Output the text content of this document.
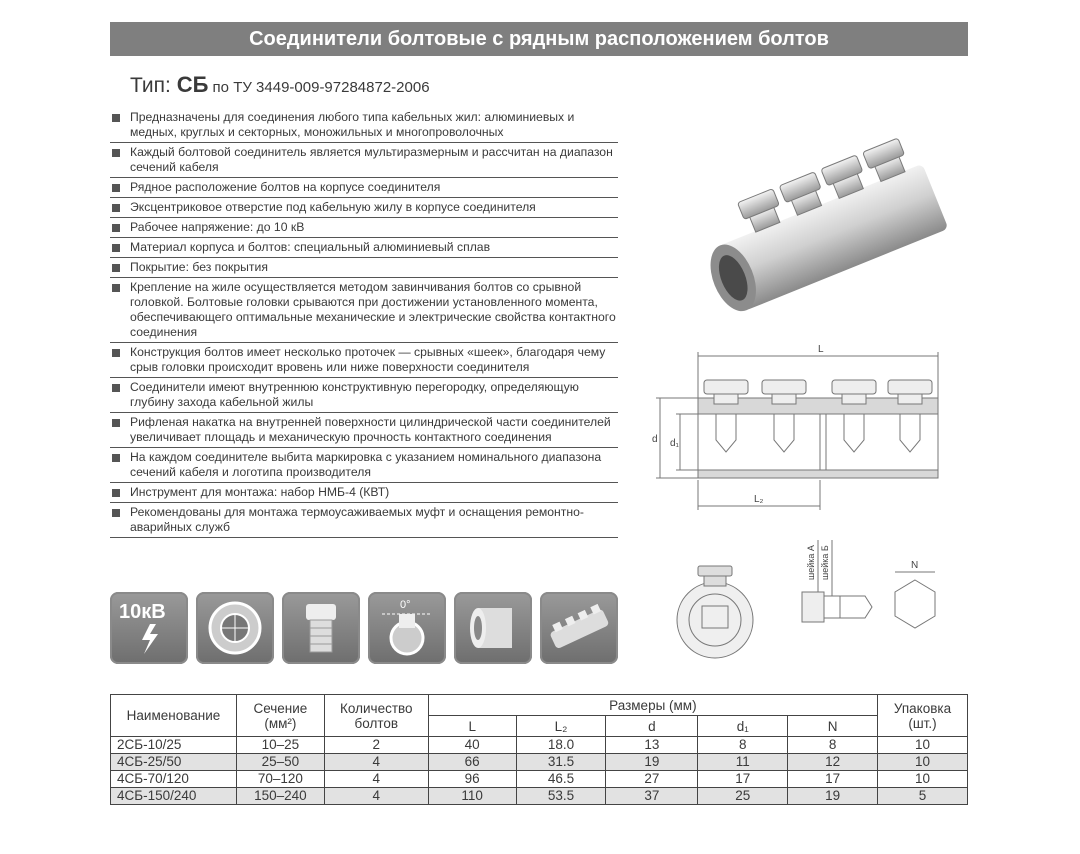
Соединители болтовые с рядным расположением болтов
Тип: СБ по ТУ 3449-009-97284872-2006
Предназначены для соединения любого типа кабельных жил: алюминиевых и медных, круглых и секторных, моножильных и многопроволочных
Каждый болтовой соединитель является мультиразмерным и рассчитан на диапазон сечений кабеля
Рядное расположение болтов на корпусе соединителя
Эксцентриковое отверстие под кабельную жилу в корпусе соединителя
Рабочее напряжение: до 10 кВ
Материал корпуса и болтов: специальный алюминиевый сплав
Покрытие: без покрытия
Крепление на жиле осуществляется методом завинчивания болтов со срывной головкой. Болтовые головки срываются при достижении установленного момента, обеспечивающего оптимальные механические и электрические свойства контактного соединения
Конструкция болтов имеет несколько проточек — срывных «шеек», благодаря чему срыв головки происходит вровень или ниже поверхности соединителя
Соединители имеют внутреннюю конструктивную перегородку, определяющую глубину захода кабельной жилы
Рифленая накатка на внутренней поверхности цилиндрической части соединителей увеличивает площадь и механическую прочность контактного соединения
На каждом соединителе выбита маркировка с указанием номинального диапазона сечений кабеля и логотипа производителя
Инструмент для монтажа: набор НМБ-4 (КВТ)
Рекомендованы для монтажа термоусаживаемых муфт и оснащения ремонтно-аварийных служб
L
d d₁
L₂
шейка А шейка Б	N
10кВ	0°
Наименование	Сечение (мм²)	Количество болтов	Размеры (мм)					Упаковка (шт.)
			L	L₂	d	d₁	N	
2СБ-10/25	10–25	2	40	18.0	13	8	8	10
4СБ-25/50	25–50	4	66	31.5	19	11	12	10
4СБ-70/120	70–120	4	96	46.5	27	17	17	10
4СБ-150/240	150–240	4	110	53.5	37	25	19	5
